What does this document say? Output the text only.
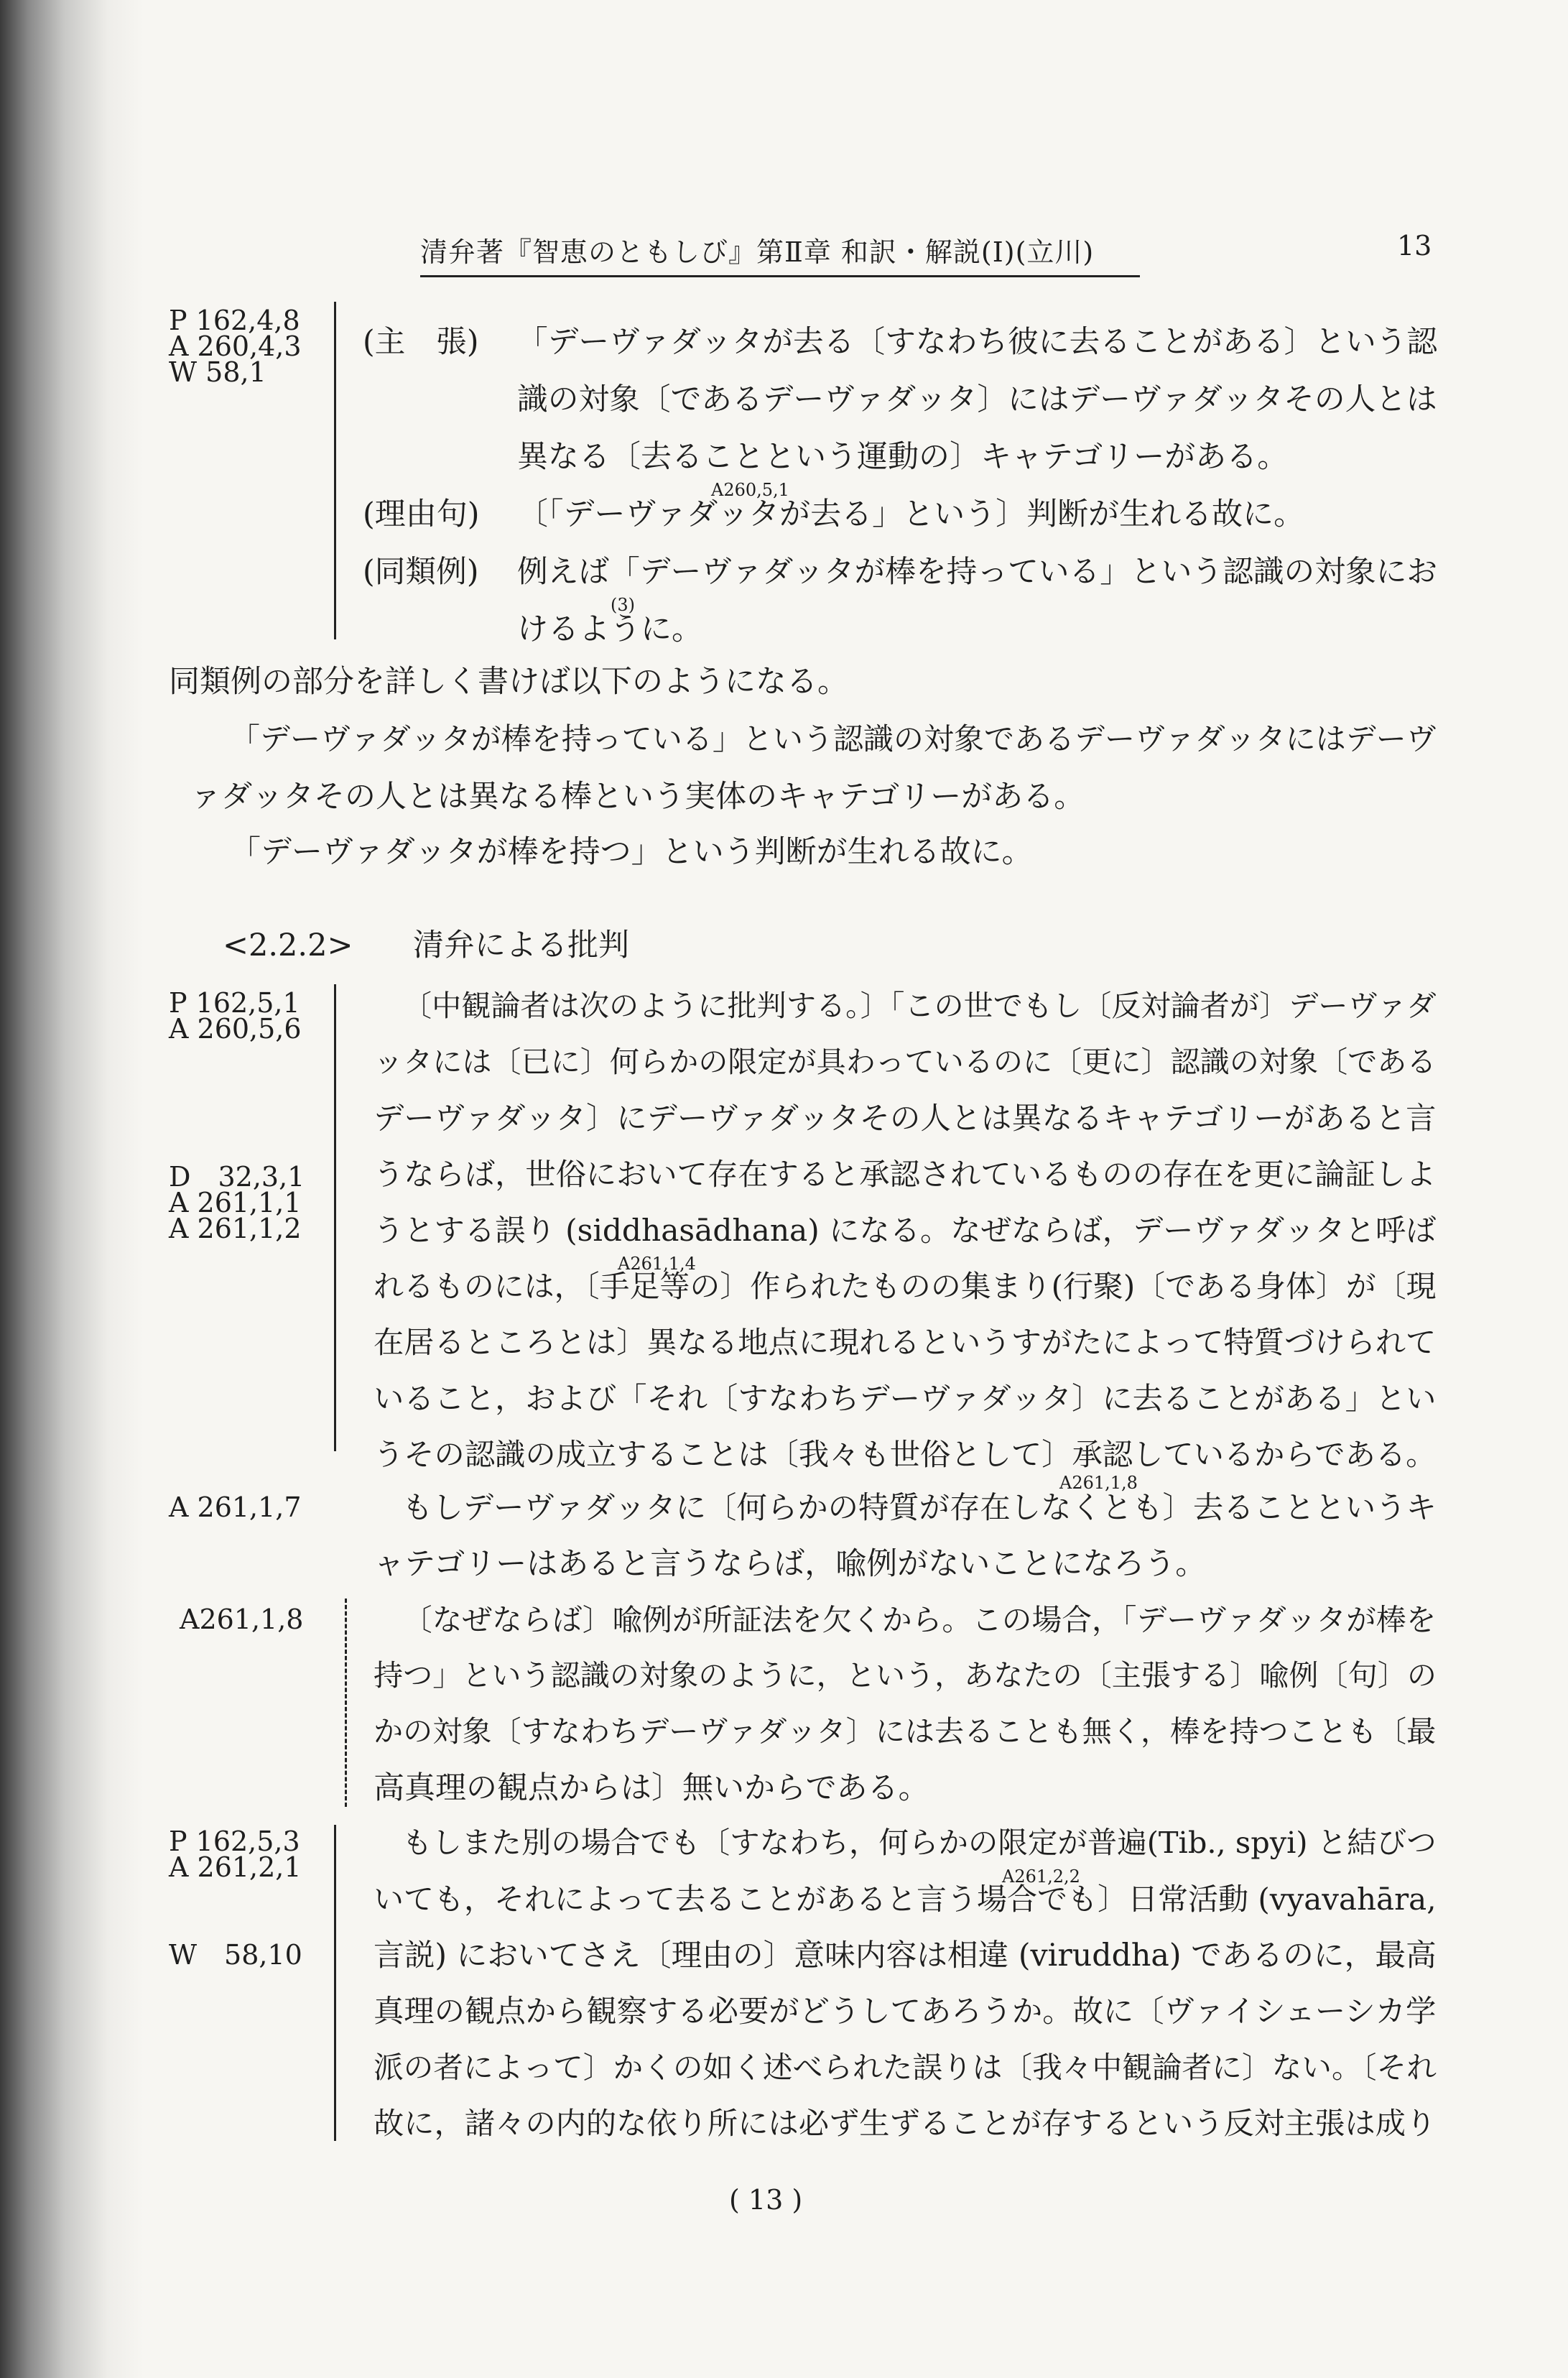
清弁著『智恵のともしび』第Ⅱ章 和訳・解説(Ⅰ)(立川)	13
P 162,4,8
A 260,4,3
W 58,1
(主　張) 「デーヴァダッタが去る〔すなわち彼に去ることがある〕という認
識の対象〔であるデーヴァダッタ〕にはデーヴァダッタその人とは
異なる〔去ることという運動の〕キャテゴリーがある。
A260,5,1
(理由句) 〔「デーヴァダッタが去る」という〕判断が生れる故に。
(同類例) 例えば「デーヴァダッタが棒を持っている」という認識の対象にお
(3)
けるように。
同類例の部分を詳しく書けば以下のようになる。
「デーヴァダッタが棒を持っている」という認識の対象であるデーヴァダッタにはデーヴ
ァダッタその人とは異なる棒という実体のキャテゴリーがある。
「デーヴァダッタが棒を持つ」という判断が生れる故に。
<2.2.2> 清弁による批判
P 162,5,1
A 260,5,6
D　32,3,1
A 261,1,1
A 261,1,2
〔中観論者は次のように批判する。〕「この世でもし〔反対論者が〕デーヴァダ
ッタには〔已に〕何らかの限定が具わっているのに〔更に〕認識の対象〔である
デーヴァダッタ〕にデーヴァダッタその人とは異なるキャテゴリーがあると言
うならば，世俗において存在すると承認されているものの存在を更に論証しよ
うとする誤り (siddhasādhana) になる。なぜならば，デーヴァダッタと呼ば
A261,1,4
れるものには，〔手足等の〕作られたものの集まり(行聚)〔である身体〕が〔現
在居るところとは〕異なる地点に現れるというすがたによって特質づけられて
いること，および「それ〔すなわちデーヴァダッタ〕に去ることがある」とい
うその認識の成立することは〔我々も世俗として〕承認しているからである。
A 261,1,7
A261,1,8
もしデーヴァダッタに〔何らかの特質が存在しなくとも〕去ることというキ
ャテゴリーはあると言うならば，喩例がないことになろう。
A261,1,8	〔なぜならば〕喩例が所証法を欠くから。この場合，「デーヴァダッタが棒を
持つ」という認識の対象のように，という，あなたの〔主張する〕喩例〔句〕の
かの対象〔すなわちデーヴァダッタ〕には去ることも無く，棒を持つことも〔最
高真理の観点からは〕無いからである。
P 162,5,3
A 261,2,1
W　58,10
もしまた別の場合でも〔すなわち，何らかの限定が普遍(Tib., spyi) と結びつ
A261,2,2
いても，それによって去ることがあると言う場合でも〕日常活動 (vyavahāra,
言説) においてさえ〔理由の〕意味内容は相違 (viruddha) であるのに，最高
真理の観点から観察する必要がどうしてあろうか。故に〔ヴァイシェーシカ学
派の者によって〕かくの如く述べられた誤りは〔我々中観論者に〕ない。〔それ
故に，諸々の内的な依り所には必ず生ずることが存するという反対主張は成り
( 13 )
